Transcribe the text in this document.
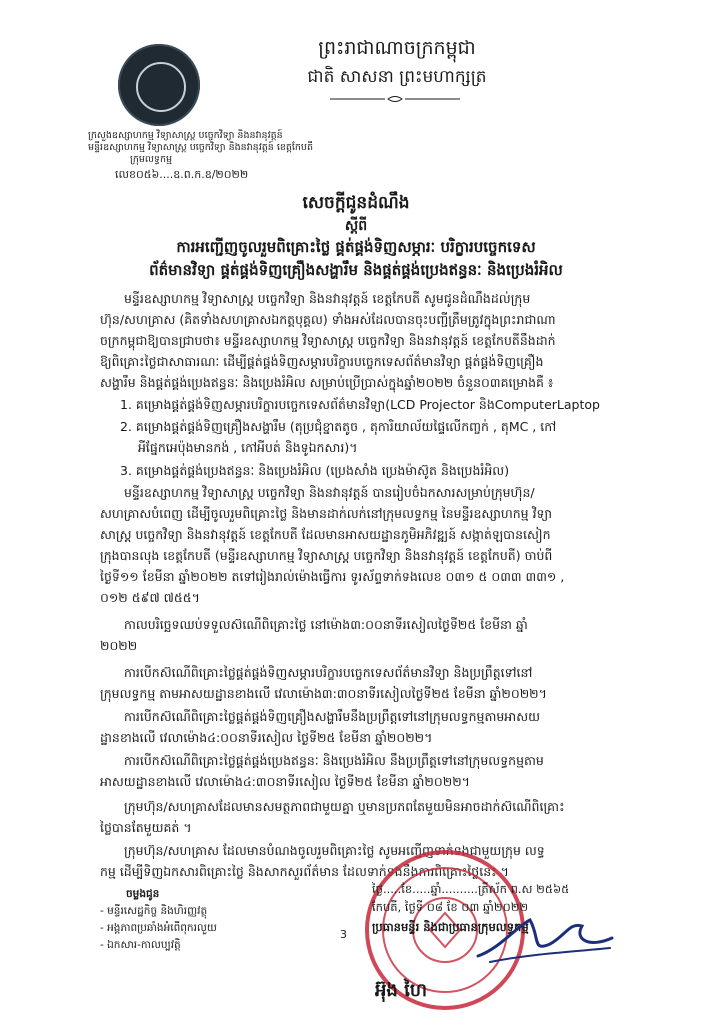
ព្រះរាជាណាចក្រកម្ពុជា
ជាតិ សាសនា ព្រះមហាក្សត្រ
ក្រសួងឧស្សាហកម្ម វិទ្យាសាស្ត្រ បច្ចេកវិទ្យា និងនវានុវត្តន៍
មន្ទីរឧស្សាហកម្ម វិទ្យាសាស្ត្រ បច្ចេកវិទ្យា និងនវានុវត្តន៍ ខេត្តកែបតី
ក្រុមលទ្ធកម្ម
លេខ០៥៦....ឧ.ព.ក.ឧ/២០២២
សេចក្តីជូនដំណឹង
ស្តីពី
ការអញ្ជើញចូលរួមពិគ្រោះថ្លៃ ផ្គត់ផ្គង់ទិញសម្ភារៈ បរិក្ខារបច្ចេកទេស
ព័ត៌មានវិទ្យា ផ្គត់ផ្គង់ទិញគ្រឿងសង្ហារឹម និងផ្គត់ផ្គង់ប្រេងឥន្ធនៈ និងប្រេងរំអិល
មន្ទីរឧស្សាហកម្ម វិទ្យាសាស្ត្រ បច្ចេកវិទ្យា និងនវានុវត្តន៍ ខេត្តកែបតី សូមជូនដំណឹងដល់ក្រុម
ហ៊ុន/សហគ្រាស (គិតទាំងសហគ្រាសឯកត្តបុគ្គល) ទាំងអស់ដែលបានចុះបញ្ជីត្រឹមត្រូវក្នុងព្រះរាជាណា
ចក្រកម្ពុជាឱ្យបានជ្រាបថា៖ មន្ទីរឧស្សាហកម្ម វិទ្យាសាស្ត្រ បច្ចេកវិទ្យា និងនវានុវត្តន៍ ខេត្តកែបតីនឹងដាក់
ឱ្យពិគ្រោះថ្លៃជាសាធារណៈ ដើម្បីផ្គត់ផ្គង់ទិញសម្ភារបរិក្ខារបច្ចេកទេសព័ត៌មានវិទ្យា ផ្គត់ផ្គង់ទិញគ្រឿង
សង្ហារឹម និងផ្គត់ផ្គង់ប្រេងឥន្ធនៈ និងប្រេងរំអិល សម្រាប់ប្រើប្រាស់ក្នុងឆ្នាំ២០២២ ចំនួន០៣គម្រោងគឺ ៖
1. គម្រោងផ្គត់ផ្គង់ទិញសម្ភារបរិក្ខារបច្ចេកទេសព័ត៌មានវិទ្យា(LCD Projector និងComputerLaptop
2. គម្រោងផ្គត់ផ្គង់ទិញគ្រឿងសង្ហារឹម (តុប្រជុំខ្នាតតូច , តុការិយាល័យផ្ទៃលើកញ្ចក់ , តុMC , កៅ
អីផ្នែកអេប៉ុងមានកង់ , កៅអីបត់ និងទូឯកសារ)។
3. គម្រោងផ្គត់ផ្គង់ប្រេងឥន្ធនៈ និងប្រេងរំអិល (ប្រេងសាំង ប្រេងម៉ាស៊ូត និងប្រេងរំអិល)
មន្ទីរឧស្សាហកម្ម វិទ្យាសាស្ត្រ បច្ចេកវិទ្យា និងនវានុវត្តន៍ បានរៀបចំឯកសារសម្រាប់ក្រុមហ៊ុន/
សហគ្រាសបំពេញ ដើម្បីចូលរួមពិគ្រោះថ្លៃ និងមានដាក់លក់នៅក្រុមលទ្ធកម្ម នៃមន្ទីរឧស្សាហកម្ម វិទ្យា
សាស្ត្រ បច្ចេកវិទ្យា និងនវានុវត្តន៍ ខេត្តកែបតី ដែលមានអាសយដ្ឋានភូមិអភិវឌ្ឍន៍ សង្កាត់ឡបានសៀក
ក្រុងបានលុង ខេត្តកែបតី (មន្ទីរឧស្សាហកម្ម វិទ្យាសាស្ត្រ បច្ចេកវិទ្យា និងនវានុវត្តន៍ ខេត្តកែបតី) ចាប់ពី
ថ្ងៃទី១១ ខែមីនា ឆ្នាំ២០២២ តទៅរៀងរាល់ម៉ោងធ្វើការ ទូរស័ព្ទទាក់ទងលេខ ០៣១ ៥ ០៣៣ ៣៣១ ,
០១២ ៥៩៧ ៧៥៥។
កាលបរិច្ឆេទឈប់ទទួលស៊ណើពិគ្រោះថ្លៃ នៅម៉ោង៣:០០នាទីរសៀលថ្ងៃទី២៥ ខែមីនា ឆ្នាំ
២០២២
ការបើកស៊ណើពិគ្រោះថ្លៃផ្គត់ផ្គង់ទិញសម្ភារបរិក្ខារបច្ចេកទេសព័ត៌មានវិទ្យា និងប្រព្រឹត្តទៅនៅ
ក្រុមលទ្ធកម្ម តាមអាសយដ្ឋានខាងលើ វេលាម៉ោង៣:៣០នាទីរសៀលថ្ងៃទី២៥ ខែមីនា ឆ្នាំ២០២២។
ការបើកស៊ណើពិគ្រោះថ្លៃផ្គត់ផ្គង់ទិញគ្រឿងសង្ហារឹមនឹងប្រព្រឹត្តទៅនៅក្រុមលទ្ធកម្មតាមអាសយ
ដ្ឋានខាងលើ វេលាម៉ោង៤:០០នាទីរសៀល ថ្ងៃទី២៥ ខែមីនា ឆ្នាំ២០២២។
ការបើកស៊ណើពិគ្រោះថ្លៃផ្គត់ផ្គង់ប្រេងឥន្ធនៈ និងប្រេងរំអិល នឹងប្រព្រឹត្តទៅនៅក្រុមលទ្ធកម្មតាម
អាសយដ្ឋានខាងលើ វេលាម៉ោង៤:៣០នាទីរសៀល ថ្ងៃទី២៥ ខែមីនា ឆ្នាំ២០២២។
ក្រុមហ៊ុន/សហគ្រាសដែលមានសមត្ថភាពជាមួយគ្នា ឬមានប្រភពតែមួយមិនអាចដាក់ស៊ណើពិគ្រោះ
ថ្លៃបានតែមួយគត់ ។
ក្រុមហ៊ុន/សហគ្រាស ដែលមានបំណងចូលរួមពិគ្រោះថ្លៃ សូមអញ្ជើញទាក់ទងជាមួយក្រុម លទ្ធ
កម្ម ដើម្បីទិញឯកសារពិគ្រោះថ្លៃ និងសាកសួរព័ត៌មាន ដែលទាក់ទងនឹងការពិគ្រោះថ្លៃនេះ ។
ចម្លងជូន
- មន្ទីរសេដ្ឋកិច្ច និងហិរញ្ញវត្ថុ
- អង្គភាពប្រឆាំងអំពើពុករលួយ
- ឯកសារ-កាលប្បវត្តិ
ថ្ងៃ.....ខែ.....ឆ្នាំ..........ត្រីស័ក ព.ស ២៥៦៥
កែបតី, ថ្ងៃទី ០៨ ខែ ០៣ ឆ្នាំ២០២២
ប្រធានមន្ទីរ និងជាប្រធានក្រុមលទ្ធកម្ម
3
អ៊ុង ហៃ
